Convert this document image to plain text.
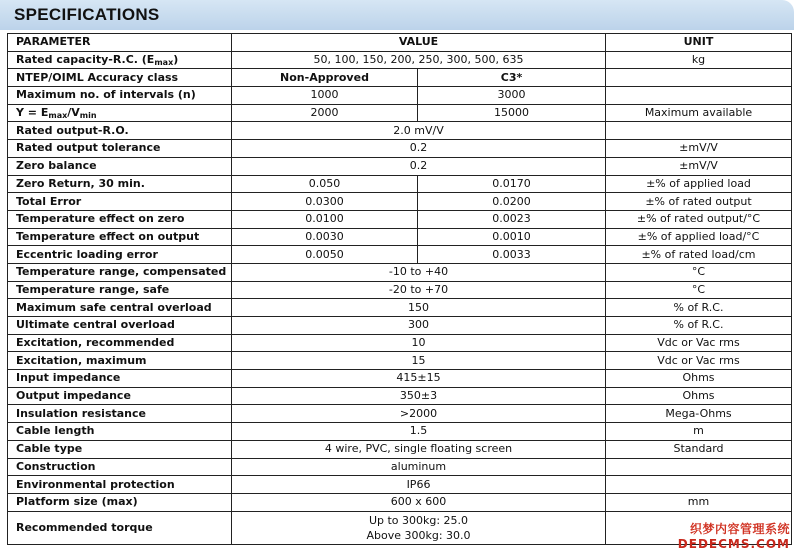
SPECIFICATIONS
PARAMETER	VALUE		UNIT
Rated capacity-R.C. $(E_{max})$	50, 100, 150, 200, 250, 300, 500, 635		kg
NTEP/OIML Accuracy class	Non-Approved	C3*	
Maximum no. of intervals (n)	1000	3000	
$Y = E_{max}/V_{min}$	2000	15000	Maximum available
Rated output-R.O.	2.0 mV/V		
Rated output tolerance	0.2		±mV/V
Zero balance	0.2		±mV/V
Zero Return, 30 min.	0.050	0.0170	±% of applied load
Total Error	0.0300	0.0200	±% of rated output
Temperature effect on zero	0.0100	0.0023	±% of rated output/°C
Temperature effect on output	0.0030	0.0010	±% of applied load/°C
Eccentric loading error	0.0050	0.0033	±% of rated load/cm
Temperature range, compensated	-10 to +40		°C
Temperature range, safe	-20 to +70		°C
Maximum safe central overload	150		% of R.C.
Ultimate central overload	300		% of R.C.
Excitation, recommended	10		Vdc or Vac rms
Excitation, maximum	15		Vdc or Vac rms
Input impedance	415±15		Ohms
Output impedance	350±3		Ohms
Insulation resistance	>2000		Mega-Ohms
Cable length	1.5		m
Cable type	4 wire, PVC, single floating screen		Standard
Construction	aluminum		
Environmental protection	IP66		
Platform size (max)	600 x 600		mm
Recommended torque	Up to 300kg: 25.0
Above 300kg: 30.0			织梦内容管理系统
DEDECMS.COM
